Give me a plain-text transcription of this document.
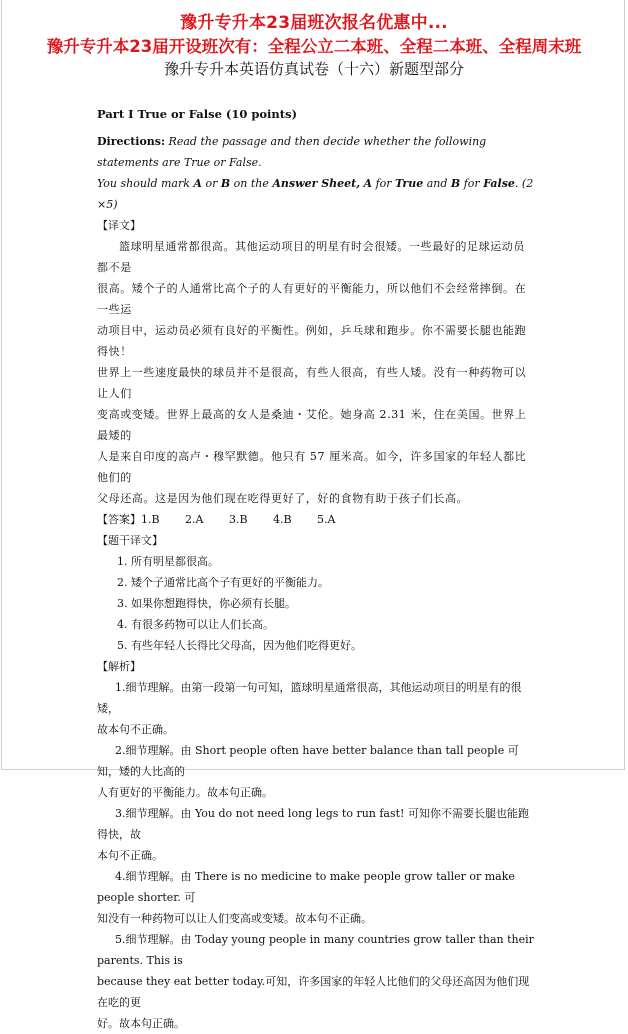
豫升专升本23届班次报名优惠中...
豫升专升本23届开设班次有：全程公立二本班、全程二本班、全程周末班
豫升专升本英语仿真试卷（十六）新题型部分

Part I True or False (10 points)

Directions: Read the passage and then decide whether the following statements are True or False.
You should mark A or B on the Answer Sheet, A for True and B for False. (2 ×5)

【译文】

篮球明星通常都很高。其他运动项目的明星有时会很矮。一些最好的足球运动员都不是

很高。矮个子的人通常比高个子的人有更好的平衡能力，所以他们不会经常摔倒。在一些运

动项目中，运动员必须有良好的平衡性。例如，乒乓球和跑步。你不需要长腿也能跑得快！

世界上一些速度最快的球员并不是很高，有些人很高，有些人矮。没有一种药物可以让人们

变高或变矮。世界上最高的女人是桑迪・艾伦。她身高 2.31 米，住在美国。世界上最矮的

人是来自印度的高卢・穆罕默德。他只有 57 厘米高。如今，许多国家的年轻人都比他们的

父母还高。这是因为他们现在吃得更好了，好的食物有助于孩子们长高。

【答案】1.B 2.A 3.B 4.B 5.A

【题干译文】

1. 所有明星都很高。

2. 矮个子通常比高个子有更好的平衡能力。

3. 如果你想跑得快，你必须有长腿。

4. 有很多药物可以让人们长高。

5. 有些年轻人长得比父母高，因为他们吃得更好。

【解析】

1.细节理解。由第一段第一句可知，篮球明星通常很高，其他运动项目的明星有的很矮，

故本句不正确。

2.细节理解。由 Short people often have better balance than tall people 可知，矮的人比高的

人有更好的平衡能力。故本句正确。

3.细节理解。由 You do not need long legs to run fast! 可知你不需要长腿也能跑得快，故

本句不正确。

4.细节理解。由 There is no medicine to make people grow taller or make people shorter. 可

知没有一种药物可以让人们变高或变矮。故本句不正确。

5.细节理解。由 Today young people in many countries grow taller than their parents. This is

because they eat better today.可知，许多国家的年轻人比他们的父母还高因为他们现在吃的更

好。故本句正确。
